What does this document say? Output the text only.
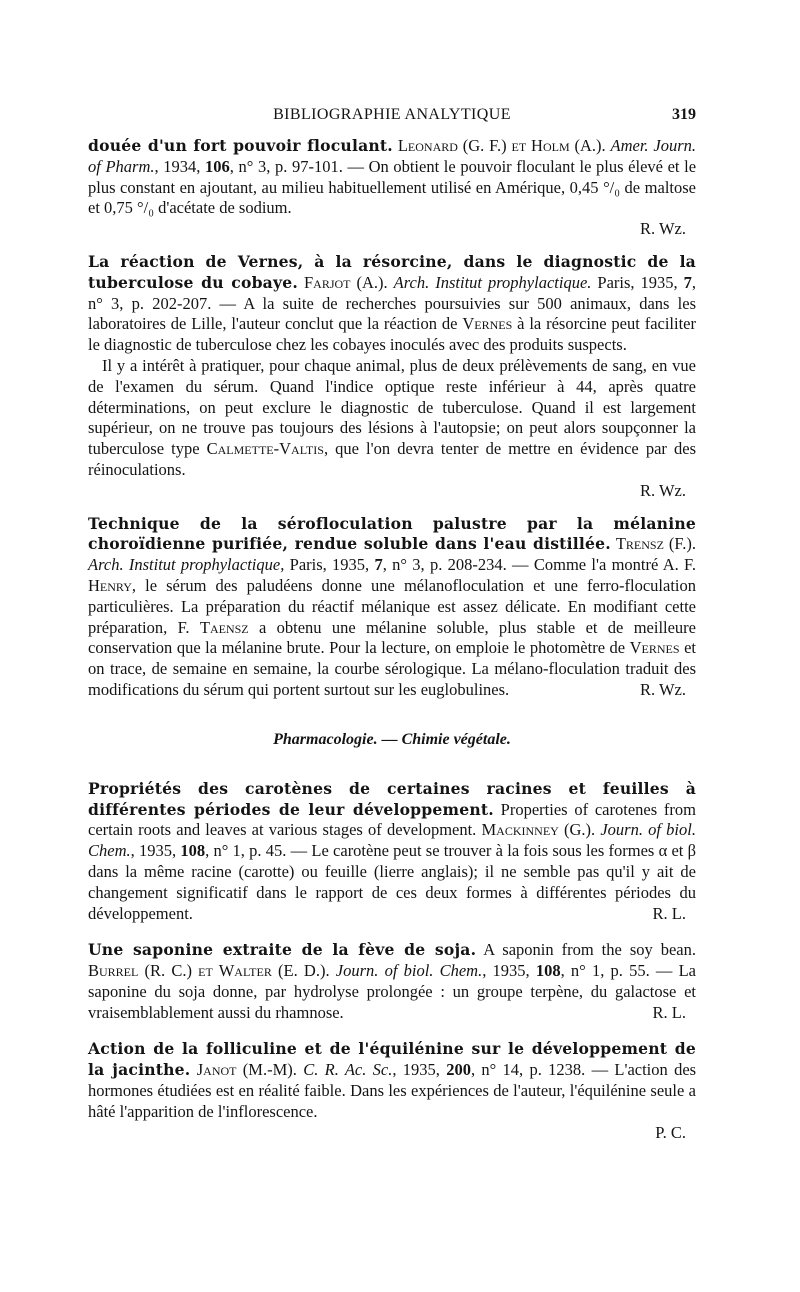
BIBLIOGRAPHIE ANALYTIQUE	319

douée d'un fort pouvoir floculant. Leonard (G. F.) et Holm (A.). Amer. Journ. of Pharm., 1934, 106, n° 3, p. 97-101. — On obtient le pouvoir floculant le plus élevé et le plus constant en ajoutant, au milieu habituellement utilisé en Amérique, 0,45 °/₀ de maltose et 0,75 °/₀ d'acétate de sodium.

R. Wz.

La réaction de Vernes, à la résorcine, dans le diagnostic de la tuberculose du cobaye. Farjot (A.). Arch. Institut prophylactique. Paris, 1935, 7, n° 3, p. 202-207. — A la suite de recherches poursuivies sur 500 animaux, dans les laboratoires de Lille, l'auteur conclut que la réaction de Vernes à la résorcine peut faciliter le diagnostic de tuberculose chez les cobayes inoculés avec des produits suspects.

Il y a intérêt à pratiquer, pour chaque animal, plus de deux prélèvements de sang, en vue de l'examen du sérum. Quand l'indice optique reste inférieur à 44, après quatre déterminations, on peut exclure le diagnostic de tuberculose. Quand il est largement supérieur, on ne trouve pas toujours des lésions à l'autopsie; on peut alors soupçonner la tuberculose type Calmette-Valtis, que l'on devra tenter de mettre en évidence par des réinoculations.

R. Wz.

Technique de la sérofloculation palustre par la mélanine choroïdienne purifiée, rendue soluble dans l'eau distillée. Trensz (F.). Arch. Institut prophylactique, Paris, 1935, 7, n° 3, p. 208-234. — Comme l'a montré A. F. Henry, le sérum des paludéens donne une mélanofloculation et une ferro-floculation particulières. La préparation du réactif mélanique est assez délicate. En modifiant cette préparation, F. Taensz a obtenu une mélanine soluble, plus stable et de meilleure conservation que la mélanine brute. Pour la lecture, on emploie le photomètre de Vernes et on trace, de semaine en semaine, la courbe sérologique. La mélano-floculation traduit des modifications du sérum qui portent surtout sur les euglobulines.	R. Wz.

Pharmacologie. — Chimie végétale.

Propriétés des carotènes de certaines racines et feuilles à différentes périodes de leur développement. Properties of carotenes from certain roots and leaves at various stages of development. Mackinney (G.). Journ. of biol. Chem., 1935, 108, n° 1, p. 45. — Le carotène peut se trouver à la fois sous les formes α et β dans la même racine (carotte) ou feuille (lierre anglais); il ne semble pas qu'il y ait de changement significatif dans le rapport de ces deux formes à différentes périodes du développement.	R. L.

Une saponine extraite de la fève de soja. A saponin from the soy bean. Burrel (R. C.) et Walter (E. D.). Journ. of biol. Chem., 1935, 108, n° 1, p. 55. — La saponine du soja donne, par hydrolyse prolongée : un groupe terpène, du galactose et vraisemblablement aussi du rhamnose.	R. L.

Action de la folliculine et de l'équilénine sur le développement de la jacinthe. Janot (M.-M). C. R. Ac. Sc., 1935, 200, n° 14, p. 1238. — L'action des hormones étudiées est en réalité faible. Dans les expériences de l'auteur, l'équilénine seule a hâté l'apparition de l'inflorescence.

P. C.
